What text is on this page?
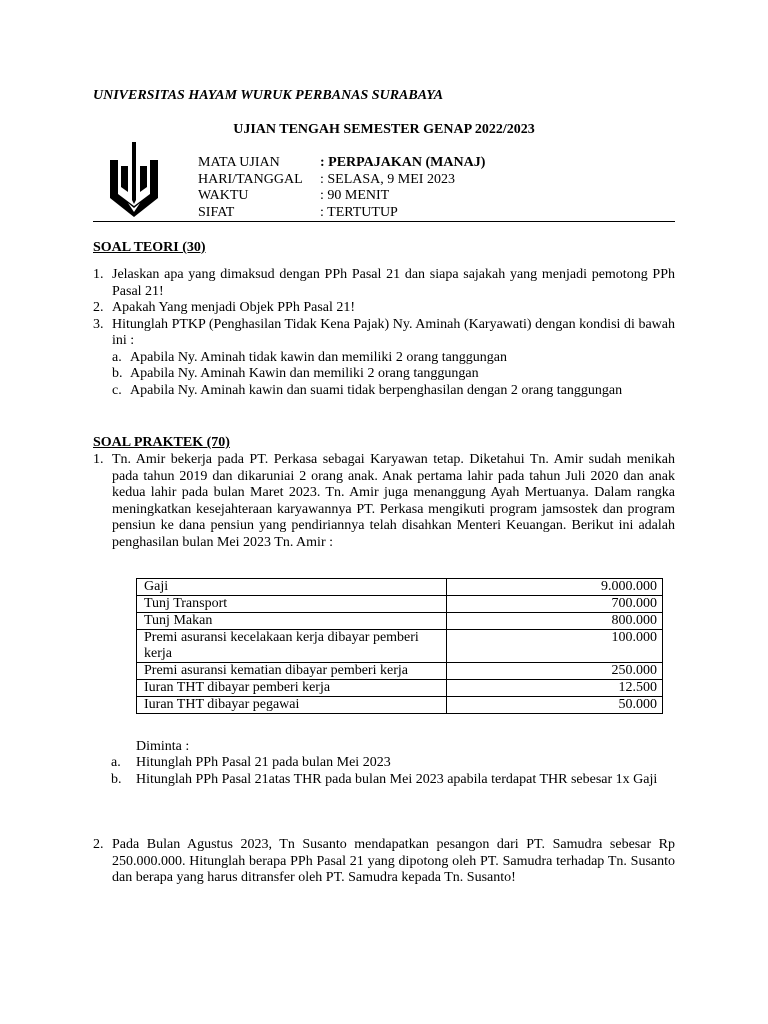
UNIVERSITAS HAYAM WURUK PERBANAS SURABAYA
UJIAN TENGAH SEMESTER GENAP 2022/2023
MATA UJIAN	: PERPAJAKAN (MANAJ)
HARI/TANGGAL : SELASA, 9 MEI 2023
WAKTU	: 90 MENIT
SIFAT	: TERTUTUP
SOAL TEORI (30)
1. Jelaskan apa yang dimaksud dengan PPh Pasal 21 dan siapa sajakah yang menjadi pemotong PPh Pasal 21!
2. Apakah Yang menjadi Objek PPh Pasal 21!
3. Hitunglah PTKP (Penghasilan Tidak Kena Pajak) Ny. Aminah (Karyawati) dengan kondisi di bawah ini :
a. Apabila Ny. Aminah tidak kawin dan memiliki 2 orang tanggungan
b. Apabila Ny. Aminah Kawin dan memiliki 2 orang tanggungan
c. Apabila Ny. Aminah kawin dan suami tidak berpenghasilan dengan 2 orang tanggungan
SOAL PRAKTEK (70)
1. Tn. Amir bekerja pada PT. Perkasa sebagai Karyawan tetap. Diketahui Tn. Amir sudah menikah pada tahun 2019 dan dikaruniai 2 orang anak. Anak pertama lahir pada tahun Juli 2020 dan anak kedua lahir pada bulan Maret 2023. Tn. Amir juga menanggung Ayah Mertuanya. Dalam rangka meningkatkan kesejahteraan karyawannya PT. Perkasa mengikuti program jamsostek dan program pensiun ke dana pensiun yang pendiriannya telah disahkan Menteri Keuangan. Berikut ini adalah penghasilan bulan Mei 2023 Tn. Amir :
Gaji	9.000.000
Tunj Transport	700.000
Tunj Makan	800.000
Premi asuransi kecelakaan kerja dibayar pemberi kerja	100.000
Premi asuransi kematian dibayar pemberi kerja	250.000
Iuran THT dibayar pemberi kerja	12.500
Iuran THT dibayar pegawai	50.000
Diminta :
a. Hitunglah PPh Pasal 21 pada bulan Mei 2023
b. Hitunglah PPh Pasal 21atas THR pada bulan Mei 2023 apabila terdapat THR sebesar 1x Gaji
2. Pada Bulan Agustus 2023, Tn Susanto mendapatkan pesangon dari PT. Samudra sebesar Rp 250.000.000. Hitunglah berapa PPh Pasal 21 yang dipotong oleh PT. Samudra terhadap Tn. Susanto dan berapa yang harus ditransfer oleh PT. Samudra kepada Tn. Susanto!
